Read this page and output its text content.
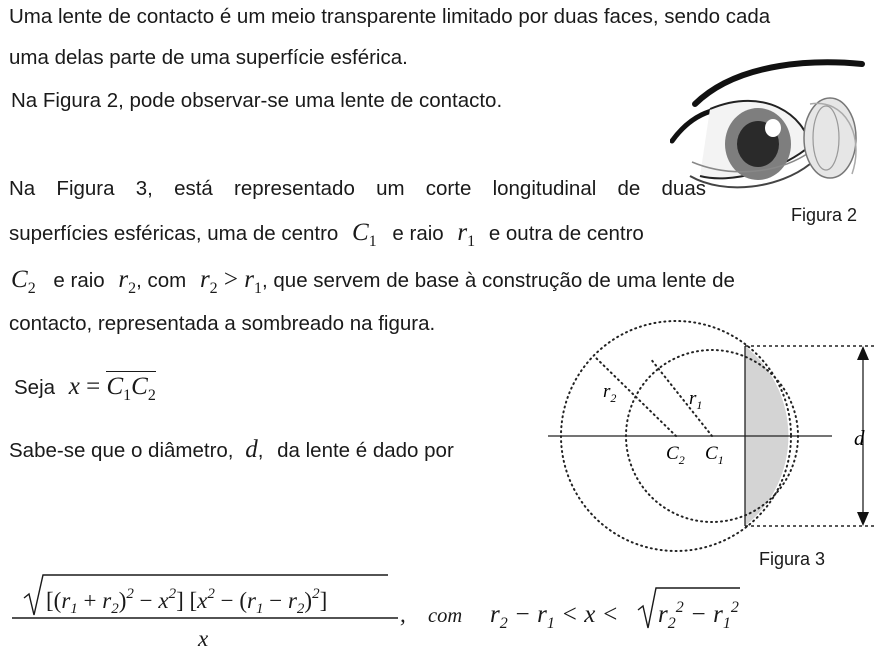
Uma lente de contacto é um meio transparente limitado por duas faces, sendo cada
uma delas parte de uma superfície esférica.
Na Figura 2, pode observar-se uma lente de contacto.
Figura 2
Na Figura 3, está representado um corte longitudinal de duas
superfícies esféricas, uma de centro $C_1$ e raio $r_1$ e outra de centro
$C_2$ e raio $r_2$, com $r_2 > r_1$, que servem de base à construção de uma lente de
contacto, representada a sombreado na figura.
Seja $x = C_1C_2$
Sabe-se que o diâmetro, d, da lente é dado por
d
$r_2$	$r_1$
$C_2$ $C_1$
Figura 3
$[(r_1 + r_2)^2 - x^2] [x^2 - (r_1 - r_2)^2]$
x
, com $r_2 - r_1 < x < r_2^2 - r_1^2$
